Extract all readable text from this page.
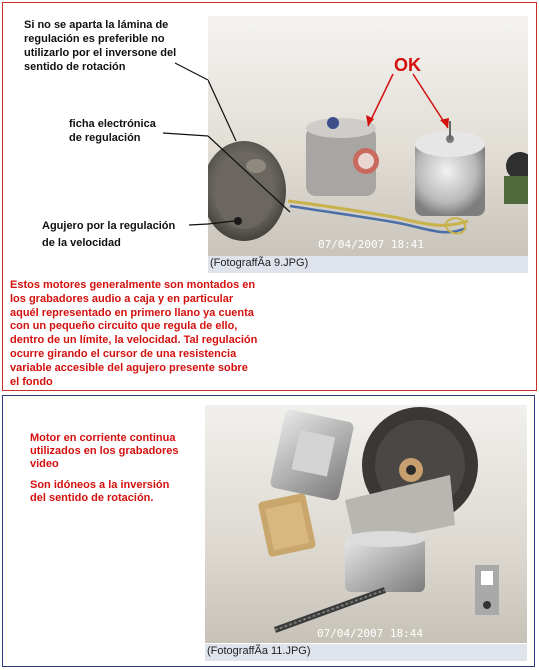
07/04/2007 18:41
Si no se aparta la lámina de
regulación es preferible no
utilizarlo por el inversone del
sentido de rotación	OK
ficha electrónica
de regulación
Agujero por la regulación
de la velocidad
(FotograffÃa 9.JPG)
Estos motores generalmente son montados en
los grabadores audio a caja y en particular
aquél representado en primero llano ya cuenta
con un pequeño circuito que regula de ello,
dentro de un límite, la velocidad. Tal regulación
ocurre girando el cursor de una resistencia
variable accesible del agujero presente sobre
el fondo
Motor en corriente continua
utilizados en los grabadores
video
Son idóneos a la inversión
del sentido de rotación.
07/04/2007 18:44
(FotograffÃa 11.JPG)
